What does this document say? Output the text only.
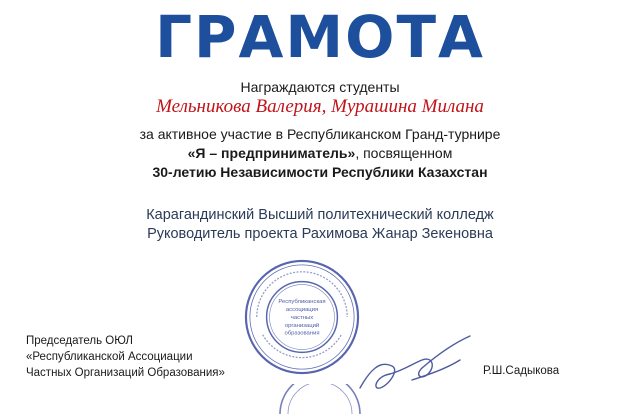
ГРАМОТА
Награждаются студенты
Мельникова Валерия, Мурашина Милана
за активное участие в Республиканском Гранд-турнире
«Я – предприниматель», посвященном
30-летию Независимости Республики Казахстан
Карагандинский Высший политехнический колледж
Руководитель проекта Рахимова Жанар Зекеновна
Республиканская
ассоциация
частных
организаций
образования
Председатель ОЮЛ
«Республиканской Ассоциации
Частных Организаций Образования»	Р.Ш.Садыкова
